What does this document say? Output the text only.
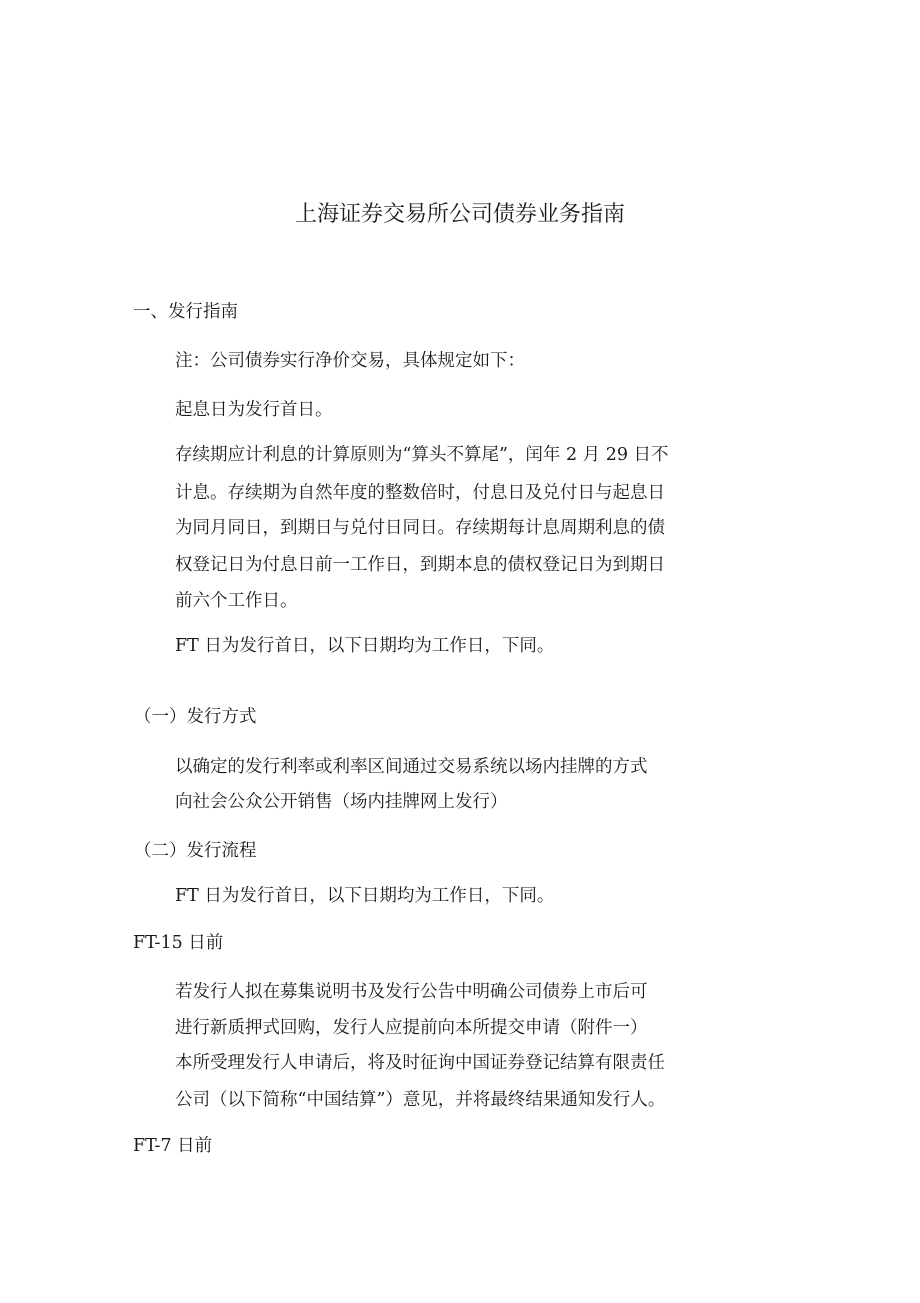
上海证券交易所公司债券业务指南
一、发行指南
注：公司债券实行净价交易，具体规定如下：
起息日为发行首日。
存续期应计利息的计算原则为“算头不算尾”，闰年 2 月 29 日不
计息。存续期为自然年度的整数倍时，付息日及兑付日与起息日
为同月同日，到期日与兑付日同日。存续期每计息周期利息的债
权登记日为付息日前一工作日，到期本息的债权登记日为到期日
前六个工作日。
FT 日为发行首日，以下日期均为工作日，下同。
（一）发行方式
以确定的发行利率或利率区间通过交易系统以场内挂牌的方式
向社会公众公开销售（场内挂牌网上发行）
（二）发行流程
FT 日为发行首日，以下日期均为工作日，下同。
FT-15 日前
若发行人拟在募集说明书及发行公告中明确公司债券上市后可
进行新质押式回购，发行人应提前向本所提交申请（附件一）
本所受理发行人申请后，将及时征询中国证券登记结算有限责任
公司（以下简称“中国结算”）意见，并将最终结果通知发行人。
FT-7 日前
